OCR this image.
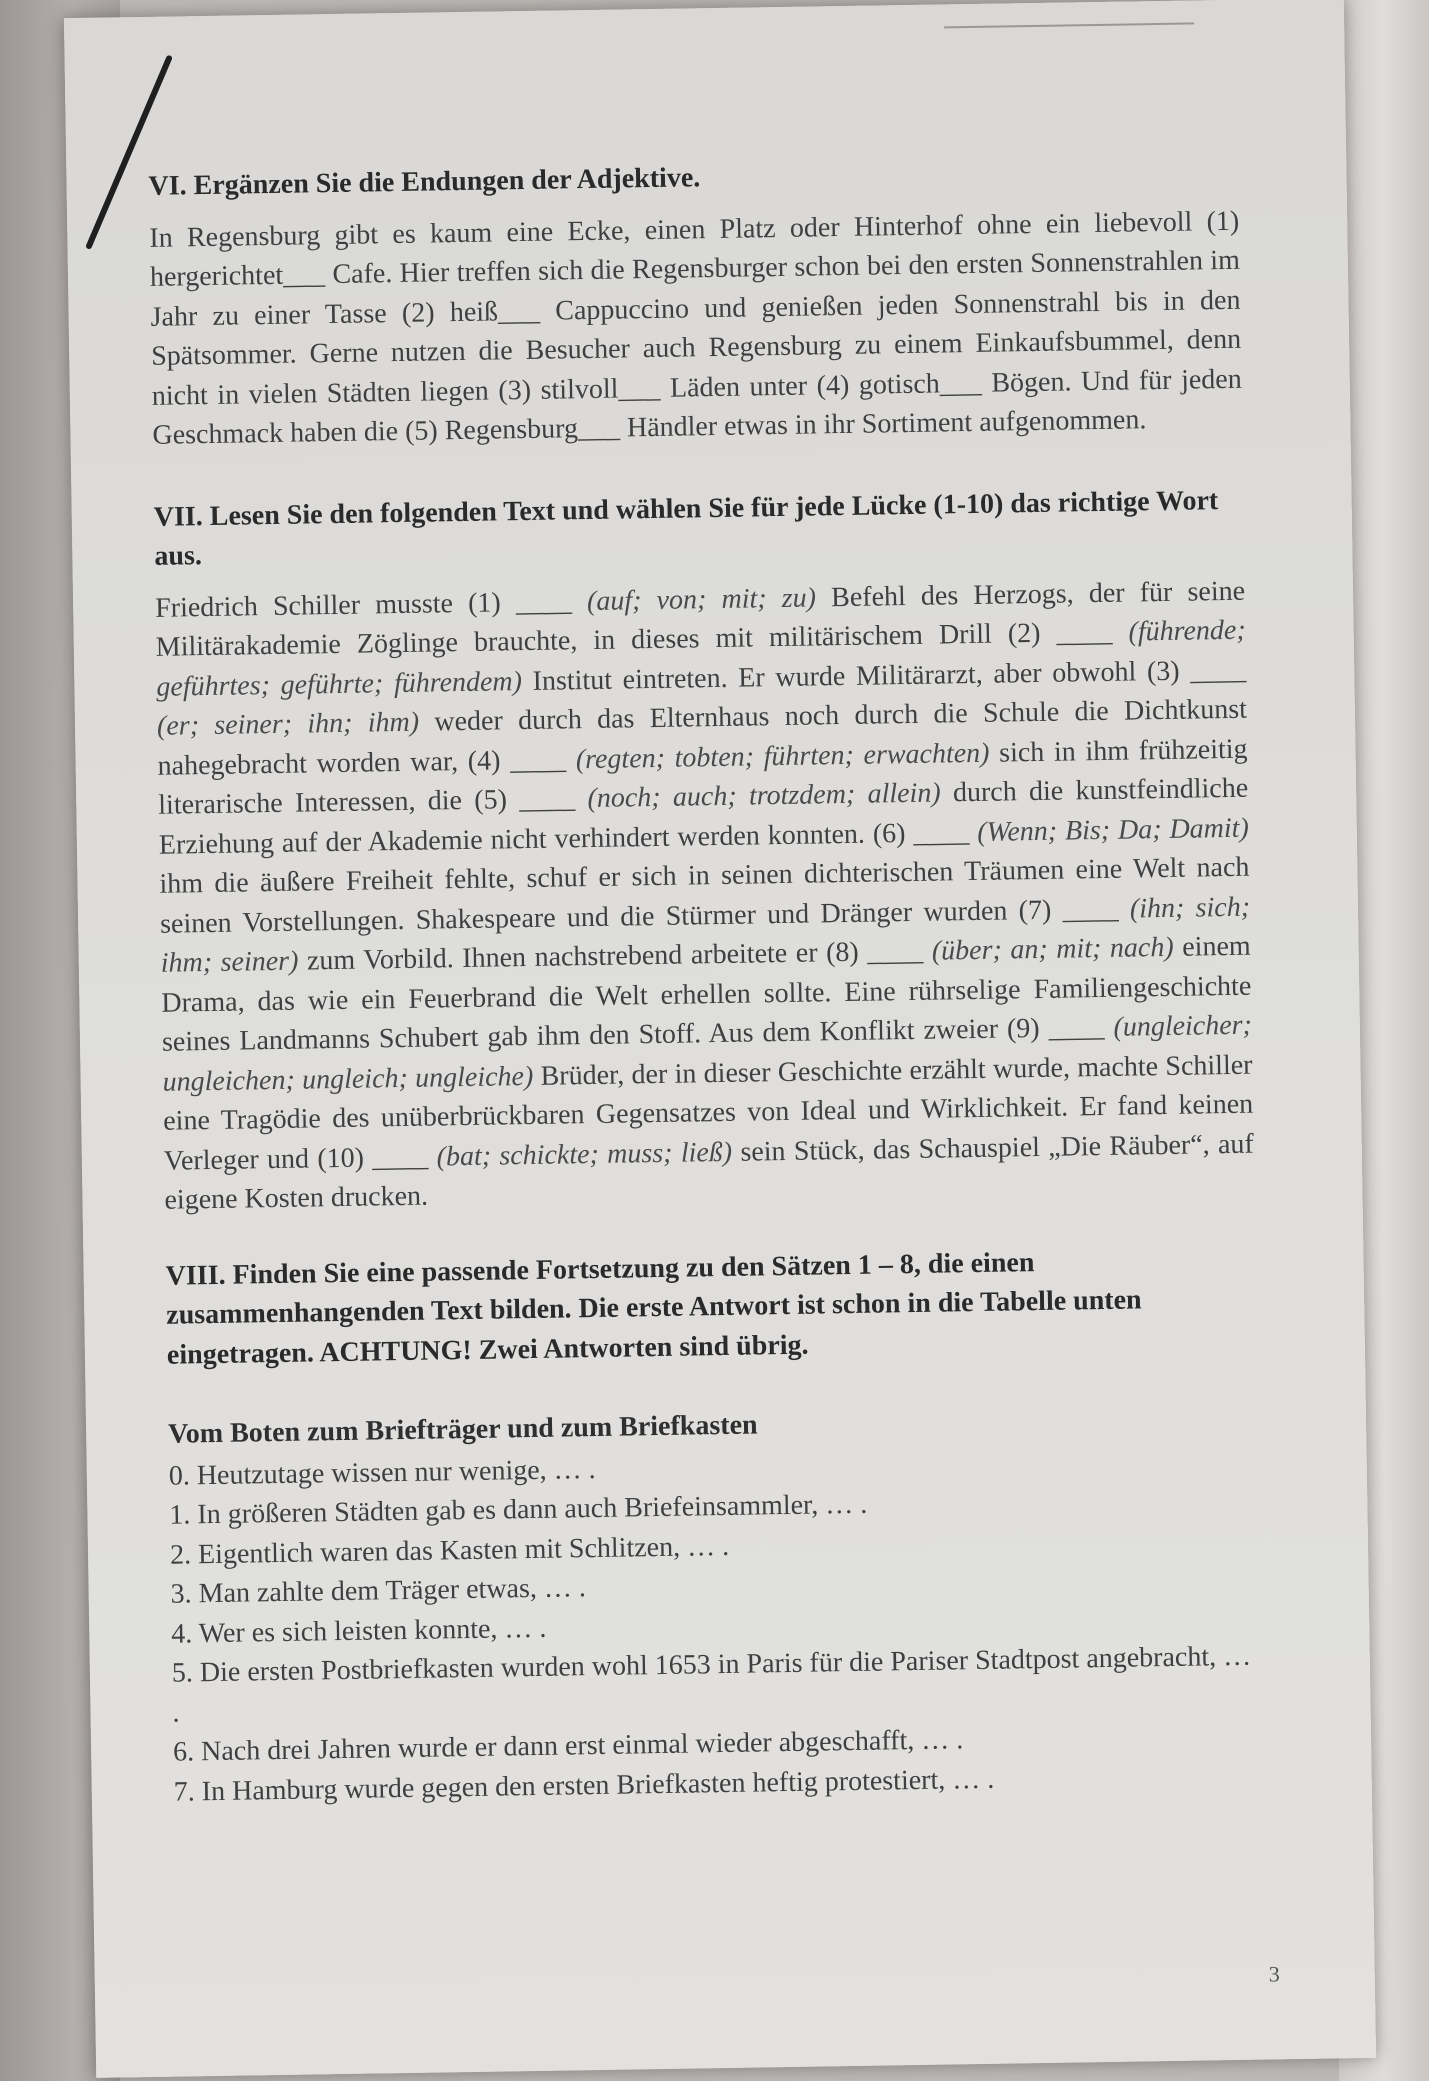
VI. Ergänzen Sie die Endungen der Adjektive.

In Regensburg gibt es kaum eine Ecke, einen Platz oder Hinterhof ohne ein liebevoll (1) hergerichtet___ Cafe. Hier treffen sich die Regensburger schon bei den ersten Sonnenstrahlen im Jahr zu einer Tasse (2) heiß___ Cappuccino und genießen jeden Sonnenstrahl bis in den Spätsommer. Gerne nutzen die Besucher auch Regensburg zu einem Einkaufsbummel, denn nicht in vielen Städten liegen (3) stilvoll___ Läden unter (4) gotisch___ Bögen. Und für jeden Geschmack haben die (5) Regensburg___ Händler etwas in ihr Sortiment aufgenommen.

VII. Lesen Sie den folgenden Text und wählen Sie für jede Lücke (1-10) das richtige Wort aus.

Friedrich Schiller musste (1) ____ (auf; von; mit; zu) Befehl des Herzogs, der für seine Militärakademie Zöglinge brauchte, in dieses mit militärischem Drill (2) ____ (führende; geführtes; geführte; führendem) Institut eintreten. Er wurde Militärarzt, aber obwohl (3) ____ (er; seiner; ihn; ihm) weder durch das Elternhaus noch durch die Schule die Dichtkunst nahegebracht worden war, (4) ____ (regten; tobten; führten; erwachten) sich in ihm frühzeitig literarische Interessen, die (5) ____ (noch; auch; trotzdem; allein) durch die kunstfeindliche Erziehung auf der Akademie nicht verhindert werden konnten. (6) ____ (Wenn; Bis; Da; Damit) ihm die äußere Freiheit fehlte, schuf er sich in seinen dichterischen Träumen eine Welt nach seinen Vorstellungen. Shakespeare und die Stürmer und Dränger wurden (7) ____ (ihn; sich; ihm; seiner) zum Vorbild. Ihnen nachstrebend arbeitete er (8) ____ (über; an; mit; nach) einem Drama, das wie ein Feuerbrand die Welt erhellen sollte. Eine rührselige Familiengeschichte seines Landmanns Schubert gab ihm den Stoff. Aus dem Konflikt zweier (9) ____ (ungleicher; ungleichen; ungleich; ungleiche) Brüder, der in dieser Geschichte erzählt wurde, machte Schiller eine Tragödie des unüberbrückbaren Gegensatzes von Ideal und Wirklichkeit. Er fand keinen Verleger und (10) ____ (bat; schickte; muss; ließ) sein Stück, das Schauspiel „Die Räuber“, auf eigene Kosten drucken.

VIII. Finden Sie eine passende Fortsetzung zu den Sätzen 1 – 8, die einen zusammenhangenden Text bilden. Die erste Antwort ist schon in die Tabelle unten eingetragen. ACHTUNG! Zwei Antworten sind übrig.

Vom Boten zum Briefträger und zum Briefkasten

0. Heutzutage wissen nur wenige, … .
1. In größeren Städten gab es dann auch Briefeinsammler, … .
2. Eigentlich waren das Kasten mit Schlitzen, … .
3. Man zahlte dem Träger etwas, … .
4. Wer es sich leisten konnte, … .
5. Die ersten Postbriefkasten wurden wohl 1653 in Paris für die Pariser Stadtpost angebracht, … .
6. Nach drei Jahren wurde er dann erst einmal wieder abgeschafft, … .
7. In Hamburg wurde gegen den ersten Briefkasten heftig protestiert, … .
3
